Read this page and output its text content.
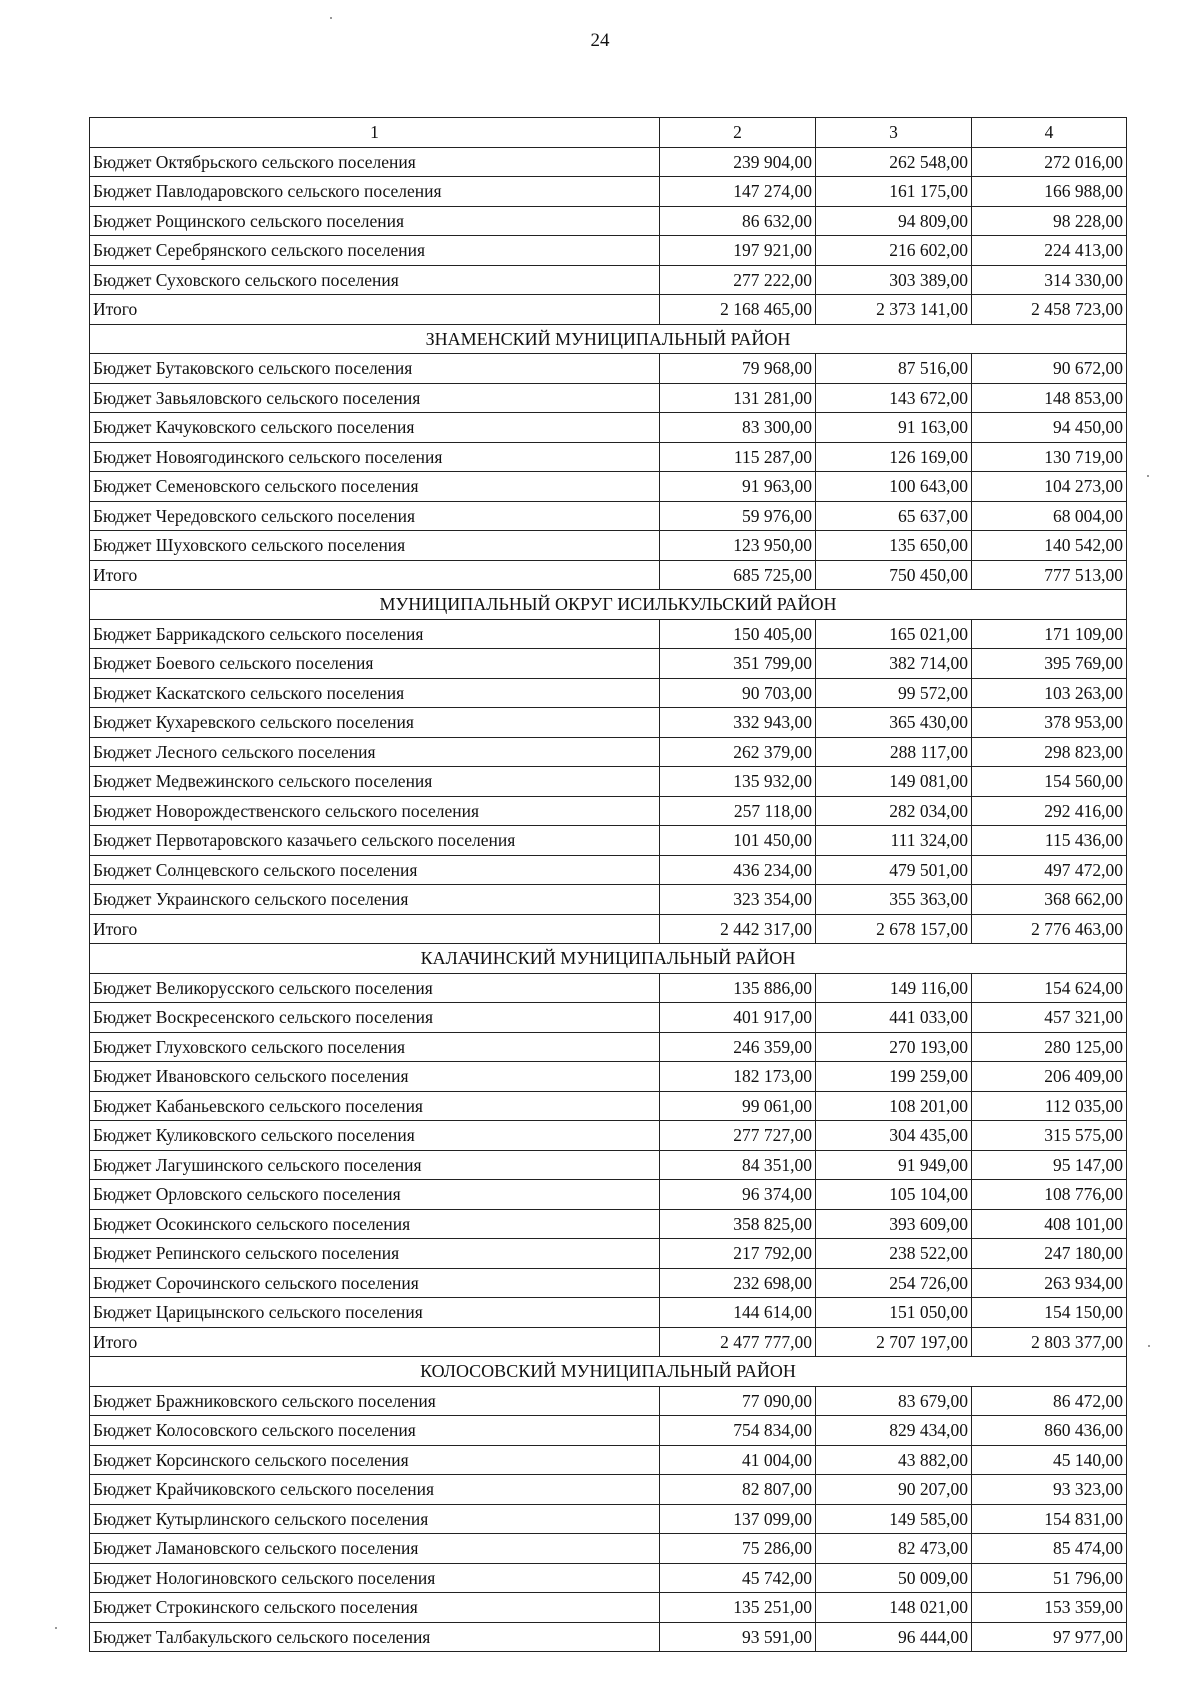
24
1	2	3	4
Бюджет Октябрьского сельского поселения	239 904,00	262 548,00	272 016,00
Бюджет Павлодаровского сельского поселения	147 274,00	161 175,00	166 988,00
Бюджет Рощинского сельского поселения	86 632,00	94 809,00	98 228,00
Бюджет Серебрянского сельского поселения	197 921,00	216 602,00	224 413,00
Бюджет Суховского сельского поселения	277 222,00	303 389,00	314 330,00
Итого	2 168 465,00	2 373 141,00	2 458 723,00
ЗНАМЕНСКИЙ МУНИЦИПАЛЬНЫЙ РАЙОН			
Бюджет Бутаковского сельского поселения	79 968,00	87 516,00	90 672,00
Бюджет Завьяловского сельского поселения	131 281,00	143 672,00	148 853,00
Бюджет Качуковского сельского поселения	83 300,00	91 163,00	94 450,00
Бюджет Новоягодинского сельского поселения	115 287,00	126 169,00	130 719,00
Бюджет Семеновского сельского поселения	91 963,00	100 643,00	104 273,00
Бюджет Чередовского сельского поселения	59 976,00	65 637,00	68 004,00
Бюджет Шуховского сельского поселения	123 950,00	135 650,00	140 542,00
Итого	685 725,00	750 450,00	777 513,00
МУНИЦИПАЛЬНЫЙ ОКРУГ ИСИЛЬКУЛЬСКИЙ РАЙОН			
Бюджет Баррикадского сельского поселения	150 405,00	165 021,00	171 109,00
Бюджет Боевого сельского поселения	351 799,00	382 714,00	395 769,00
Бюджет Каскатского сельского поселения	90 703,00	99 572,00	103 263,00
Бюджет Кухаревского сельского поселения	332 943,00	365 430,00	378 953,00
Бюджет Лесного сельского поселения	262 379,00	288 117,00	298 823,00
Бюджет Медвежинского сельского поселения	135 932,00	149 081,00	154 560,00
Бюджет Новорождественского сельского поселения	257 118,00	282 034,00	292 416,00
Бюджет Первотаровского казачьего сельского поселения	101 450,00	111 324,00	115 436,00
Бюджет Солнцевского сельского поселения	436 234,00	479 501,00	497 472,00
Бюджет Украинского сельского поселения	323 354,00	355 363,00	368 662,00
Итого	2 442 317,00	2 678 157,00	2 776 463,00
КАЛАЧИНСКИЙ МУНИЦИПАЛЬНЫЙ РАЙОН			
Бюджет Великорусского сельского поселения	135 886,00	149 116,00	154 624,00
Бюджет Воскресенского сельского поселения	401 917,00	441 033,00	457 321,00
Бюджет Глуховского сельского поселения	246 359,00	270 193,00	280 125,00
Бюджет Ивановского сельского поселения	182 173,00	199 259,00	206 409,00
Бюджет Кабаньевского сельского поселения	99 061,00	108 201,00	112 035,00
Бюджет Куликовского сельского поселения	277 727,00	304 435,00	315 575,00
Бюджет Лагушинского сельского поселения	84 351,00	91 949,00	95 147,00
Бюджет Орловского сельского поселения	96 374,00	105 104,00	108 776,00
Бюджет Осокинского сельского поселения	358 825,00	393 609,00	408 101,00
Бюджет Репинского сельского поселения	217 792,00	238 522,00	247 180,00
Бюджет Сорочинского сельского поселения	232 698,00	254 726,00	263 934,00
Бюджет Царицынского сельского поселения	144 614,00	151 050,00	154 150,00
Итого	2 477 777,00	2 707 197,00	2 803 377,00
КОЛОСОВСКИЙ МУНИЦИПАЛЬНЫЙ РАЙОН			
Бюджет Бражниковского сельского поселения	77 090,00	83 679,00	86 472,00
Бюджет Колосовского сельского поселения	754 834,00	829 434,00	860 436,00
Бюджет Корсинского сельского поселения	41 004,00	43 882,00	45 140,00
Бюджет Крайчиковского сельского поселения	82 807,00	90 207,00	93 323,00
Бюджет Кутырлинского сельского поселения	137 099,00	149 585,00	154 831,00
Бюджет Ламановского сельского поселения	75 286,00	82 473,00	85 474,00
Бюджет Нологиновского сельского поселения	45 742,00	50 009,00	51 796,00
Бюджет Строкинского сельского поселения	135 251,00	148 021,00	153 359,00
Бюджет Талбакульского сельского поселения	93 591,00	96 444,00	97 977,00
